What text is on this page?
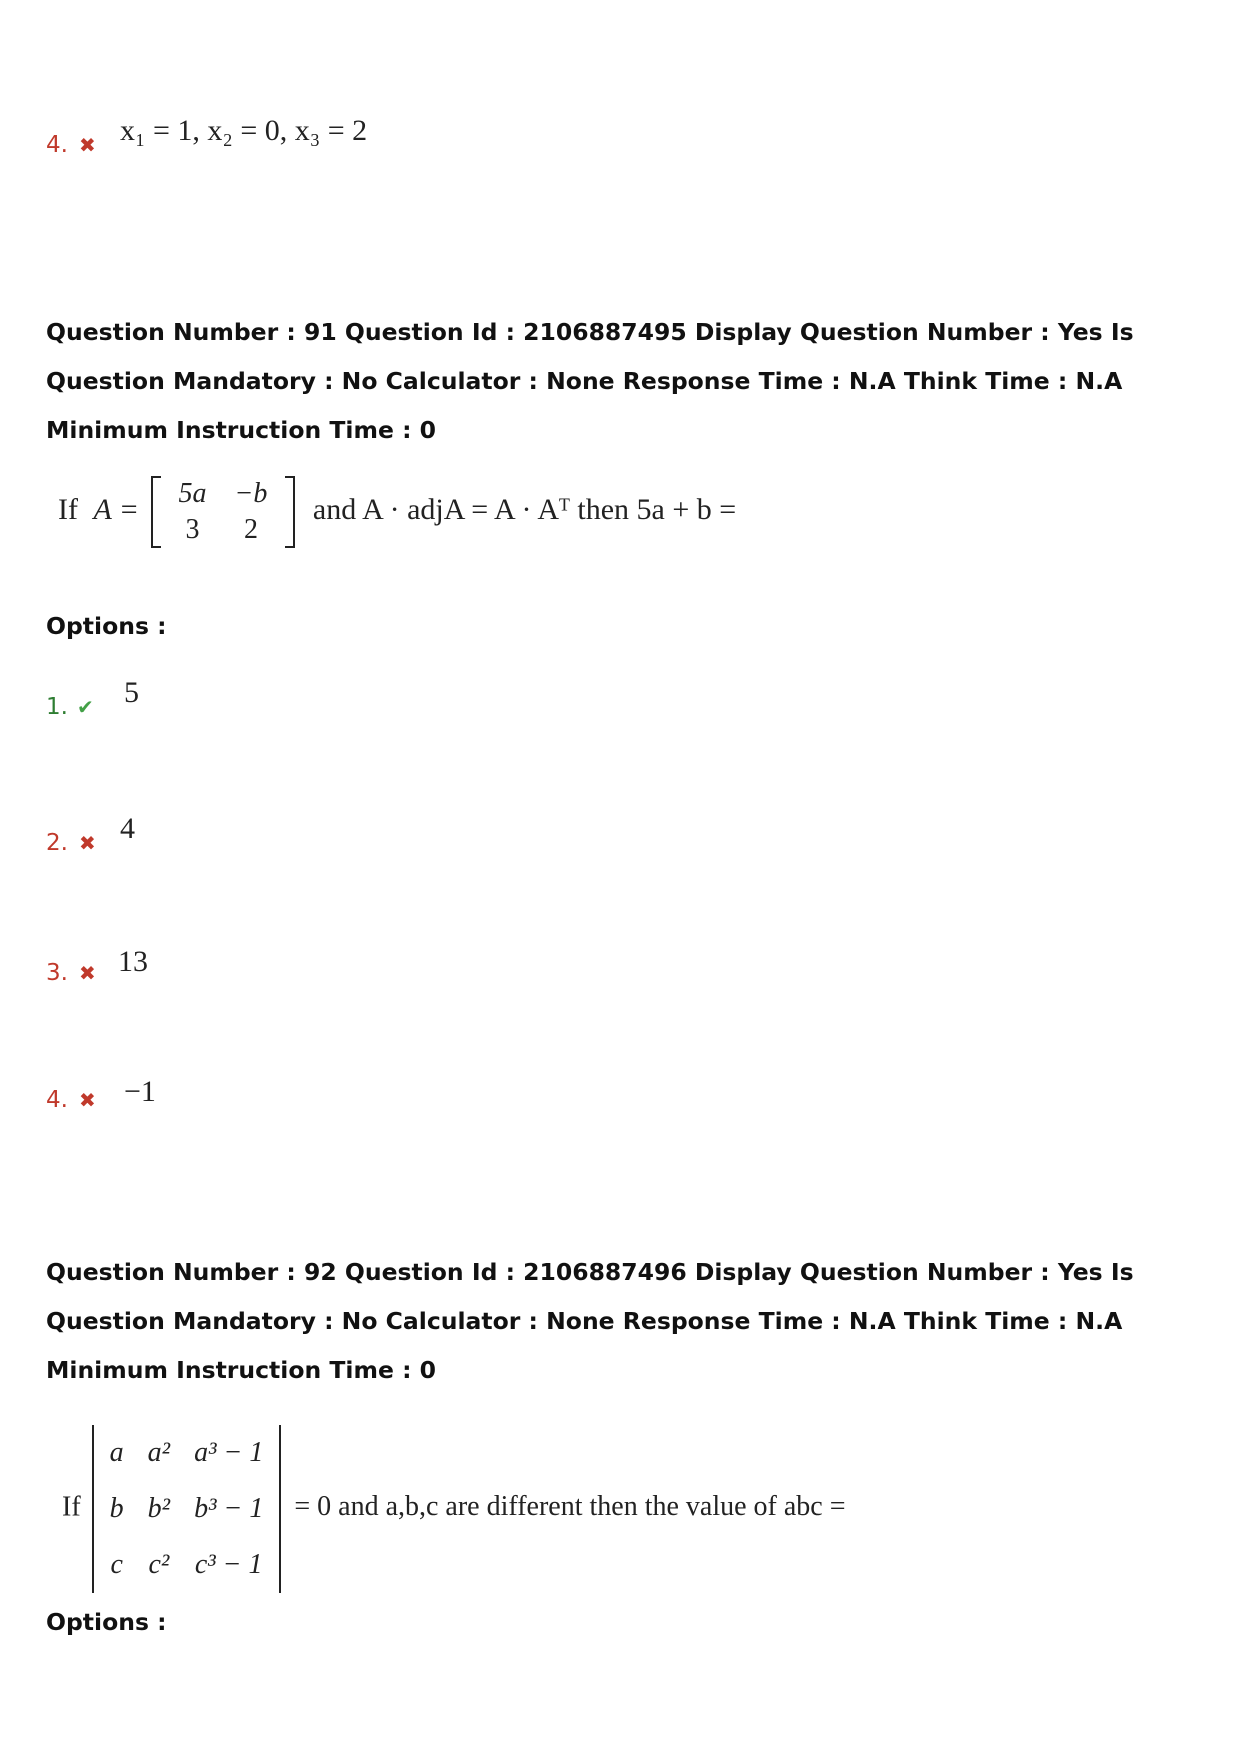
4. ✖ x₁ = 1, x₂ = 0, x₃ = 2
Question Number : 91 Question Id : 2106887495 Display Question Number : Yes Is Question Mandatory : No Calculator : None Response Time : N.A Think Time : N.A Minimum Instruction Time : 0
If A = 5a	−b
3	2
and A · adjA = A · Aᵀ then 5a + b =
Options :
1. ✔ 5
2. ✖ 4
3. ✖ 13
4. ✖ −1
Question Number : 92 Question Id : 2106887496 Display Question Number : Yes Is Question Mandatory : No Calculator : None Response Time : N.A Think Time : N.A Minimum Instruction Time : 0
If
a	a²	a³ − 1
b	b²	b³ − 1
c	c²	c³ − 1
= 0 and a,b,c are different then the value of abc =
Options :
